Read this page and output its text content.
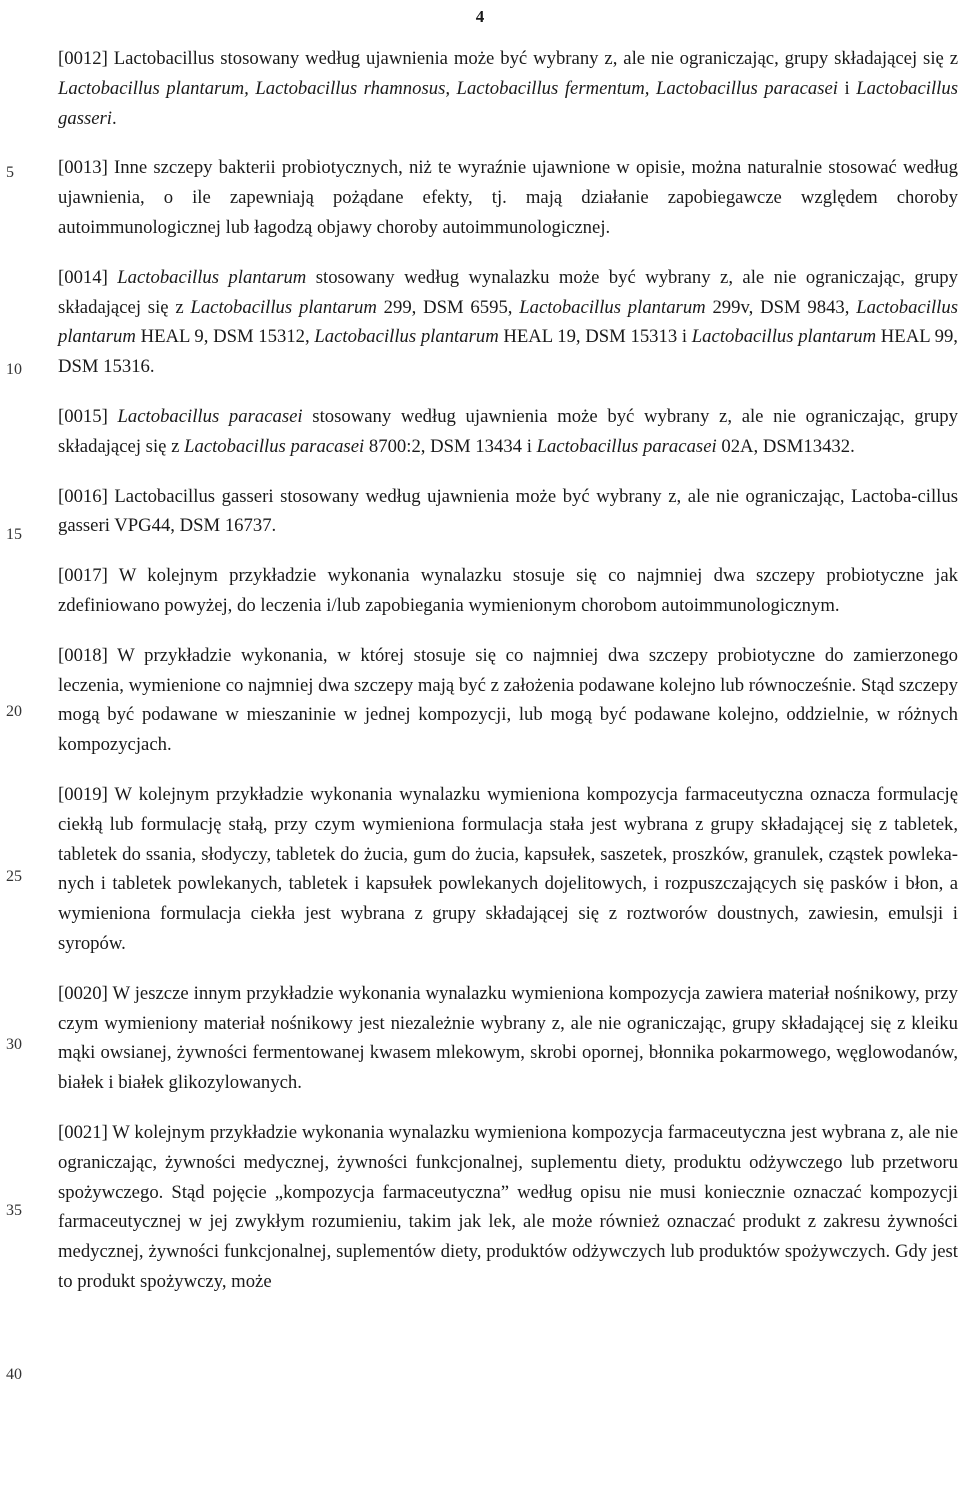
4
5
10
15
20
25
30
35
40

[0012] Lactobacillus stosowany według ujawnienia może być wybrany z, ale nie ograniczając, grupy składającej się z Lactobacillus plantarum, Lactobacillus rhamnosus, Lactobacillus fermentum, Lactobacillus paracasei i Lactobacillus gasseri.

[0013] Inne szczepy bakterii probiotycznych, niż te wyraźnie ujawnione w opisie, można naturalnie stosować według ujawnienia, o ile zapewniają pożądane efekty, tj. mają działanie zapobiegawcze względem choroby autoimmunologicznej lub łagodzą objawy choroby autoimmunologicznej.

[0014] Lactobacillus plantarum stosowany według wynalazku może być wybrany z, ale nie ograniczając, grupy składającej się z Lactobacillus plantarum 299, DSM 6595, Lactobacillus plantarum 299v, DSM 9843, Lactobacillus plantarum HEAL 9, DSM 15312, Lactobacillus plantarum HEAL 19, DSM 15313 i Lactobacillus plantarum HEAL 99, DSM 15316.

[0015] Lactobacillus paracasei stosowany według ujawnienia może być wybrany z, ale nie ograniczając, grupy składającej się z Lactobacillus paracasei 8700:2, DSM 13434 i Lactobacillus paracasei 02A, DSM13432.

[0016] Lactobacillus gasseri stosowany według ujawnienia może być wybrany z, ale nie ograniczając, Lactoba-cillus gasseri VPG44, DSM 16737.

[0017] W kolejnym przykładzie wykonania wynalazku stosuje się co najmniej dwa szczepy probiotyczne jak zdefiniowano powyżej, do leczenia i/lub zapobiegania wymienionym chorobom autoimmunologicznym.

[0018] W przykładzie wykonania, w której stosuje się co najmniej dwa szczepy probiotyczne do zamierzonego leczenia, wymienione co najmniej dwa szczepy mają być z założenia podawane kolejno lub równocześnie. Stąd szczepy mogą być podawane w mieszaninie w jednej kompozycji, lub mogą być podawane kolejno, oddzielnie, w różnych kompozycjach.

[0019] W kolejnym przykładzie wykonania wynalazku wymieniona kompozycja farmaceutyczna oznacza formulację ciekłą lub formulację stałą, przy czym wymieniona formulacja stała jest wybrana z grupy składającej się z tabletek, tabletek do ssania, słodyczy, tabletek do żucia, gum do żucia, kapsułek, saszetek, proszków, granulek, cząstek powlekanych i tabletek powlekanych, tabletek i kapsułek powlekanych dojelitowych, i rozpuszczających się pasków i błon, a wymieniona formulacja ciekła jest wybrana z grupy składającej się z roztworów doustnych, zawiesin, emulsji i syropów.

[0020] W jeszcze innym przykładzie wykonania wynalazku wymieniona kompozycja zawiera materiał nośnikowy, przy czym wymieniony materiał nośnikowy jest niezależnie wybrany z, ale nie ograniczając, grupy składającej się z kleiku mąki owsianej, żywności fermentowanej kwasem mlekowym, skrobi opornej, błonnika pokarmowego, węglowodanów, białek i białek glikozylowanych.

[0021] W kolejnym przykładzie wykonania wynalazku wymieniona kompozycja farmaceutyczna jest wybrana z, ale nie ograniczając, żywności medycznej, żywności funkcjonalnej, suplementu diety, produktu odżywczego lub przetworu spożywczego. Stąd pojęcie „kompozycja farmaceutyczna” według opisu nie musi koniecznie oznaczać kompozycji farmaceutycznej w jej zwykłym rozumieniu, takim jak lek, ale może również oznaczać produkt z zakresu żywności medycznej, żywności funkcjonalnej, suplementów diety, produktów odżywczych lub produktów spożywczych. Gdy jest to produkt spożywczy, może
